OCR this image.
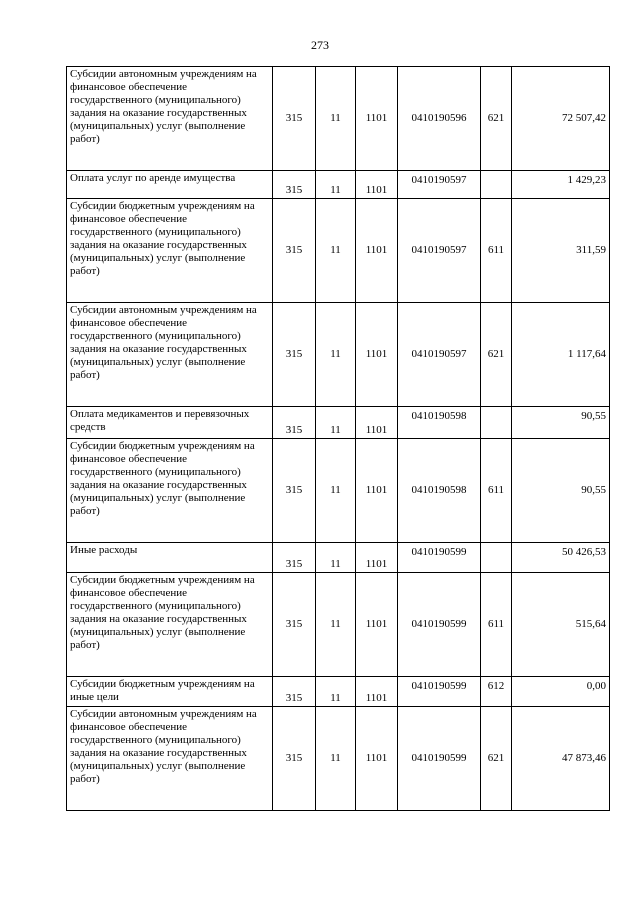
273
Субсидии автономным учреждениям на финансовое обеспечение государственного (муниципального) задания на оказание государственных (муниципальных) услуг (выполнение работ)	315	11	1101	0410190596	621	72 507,42
Оплата услуг по аренде имущества	315	11	1101	0410190597		1 429,23
Субсидии бюджетным учреждениям на финансовое обеспечение государственного (муниципального) задания на оказание государственных (муниципальных) услуг (выполнение работ)	315	11	1101	0410190597	611	311,59
Субсидии автономным учреждениям на финансовое обеспечение государственного (муниципального) задания на оказание государственных (муниципальных) услуг (выполнение работ)	315	11	1101	0410190597	621	1 117,64
Оплата медикаментов и перевязочных средств	315	11	1101	0410190598		90,55
Субсидии бюджетным учреждениям на финансовое обеспечение государственного (муниципального) задания на оказание государственных (муниципальных) услуг (выполнение работ)	315	11	1101	0410190598	611	90,55
Иные расходы	315	11	1101	0410190599		50 426,53
Субсидии бюджетным учреждениям на финансовое обеспечение государственного (муниципального) задания на оказание государственных (муниципальных) услуг (выполнение работ)	315	11	1101	0410190599	611	515,64
Субсидии бюджетным учреждениям на иные цели	315	11	1101	0410190599	612	0,00
Субсидии автономным учреждениям на финансовое обеспечение государственного (муниципального) задания на оказание государственных (муниципальных) услуг (выполнение работ)	315	11	1101	0410190599	621	47 873,46
